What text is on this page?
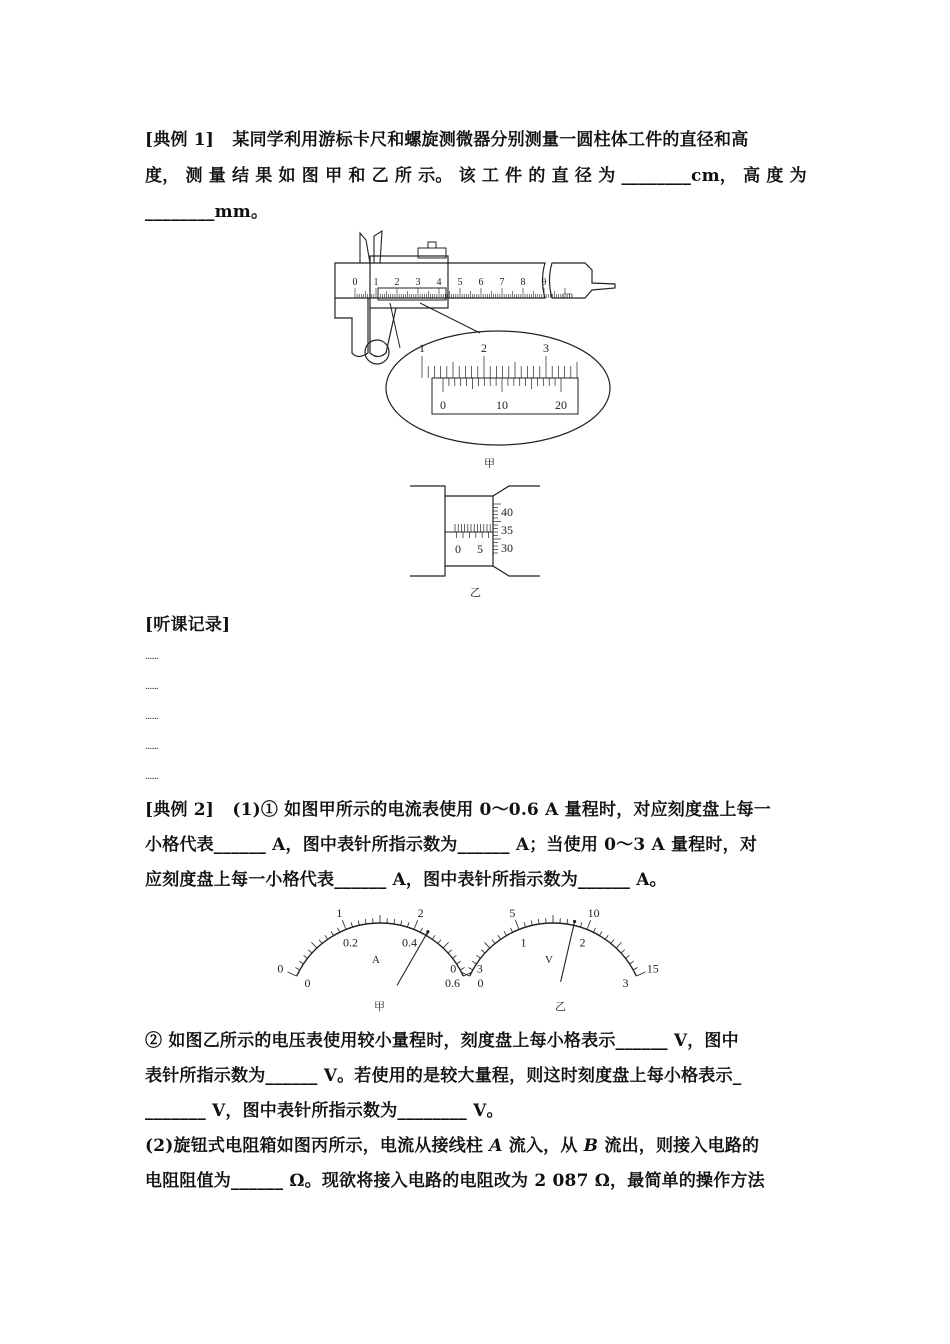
[典例 1] 某同学利用游标卡尺和螺旋测微器分别测量一圆柱体工件的直径和高
度， 测 量 结 果 如 图 甲 和 乙 所 示。 该 工 件 的 直 径 为 ________cm， 高 度 为
________mm。
0 1 2 3 4 5 6 7 8 9
cm
1	2	3
0	10	20
甲
0 5
40
35
30
乙
[听课记录]
.......
.......
.......
.......
.......
[典例 2] (1)① 如图甲所示的电流表使用 0～0.6 A 量程时，对应刻度盘上每一
小格代表______ A，图中表针所指示数为______ A；当使用 0～3 A 量程时，对
应刻度盘上每一小格代表______ A，图中表针所指示数为______ A。
0
1	2
3
0
0.2	0.4
0.6
A
0
5	10
15
0
1	2
3
V
甲	乙
② 如图乙所示的电压表使用较小量程时，刻度盘上每小格表示______ V，图中
表针所指示数为______ V。若使用的是较大量程，则这时刻度盘上每小格表示_
_______ V，图中表针所指示数为________ V。
(2)旋钮式电阻箱如图丙所示，电流从接线柱 A 流入，从 B 流出，则接入电路的
电阻阻值为______ Ω。现欲将接入电路的电阻改为 2 087 Ω，最简单的操作方法
